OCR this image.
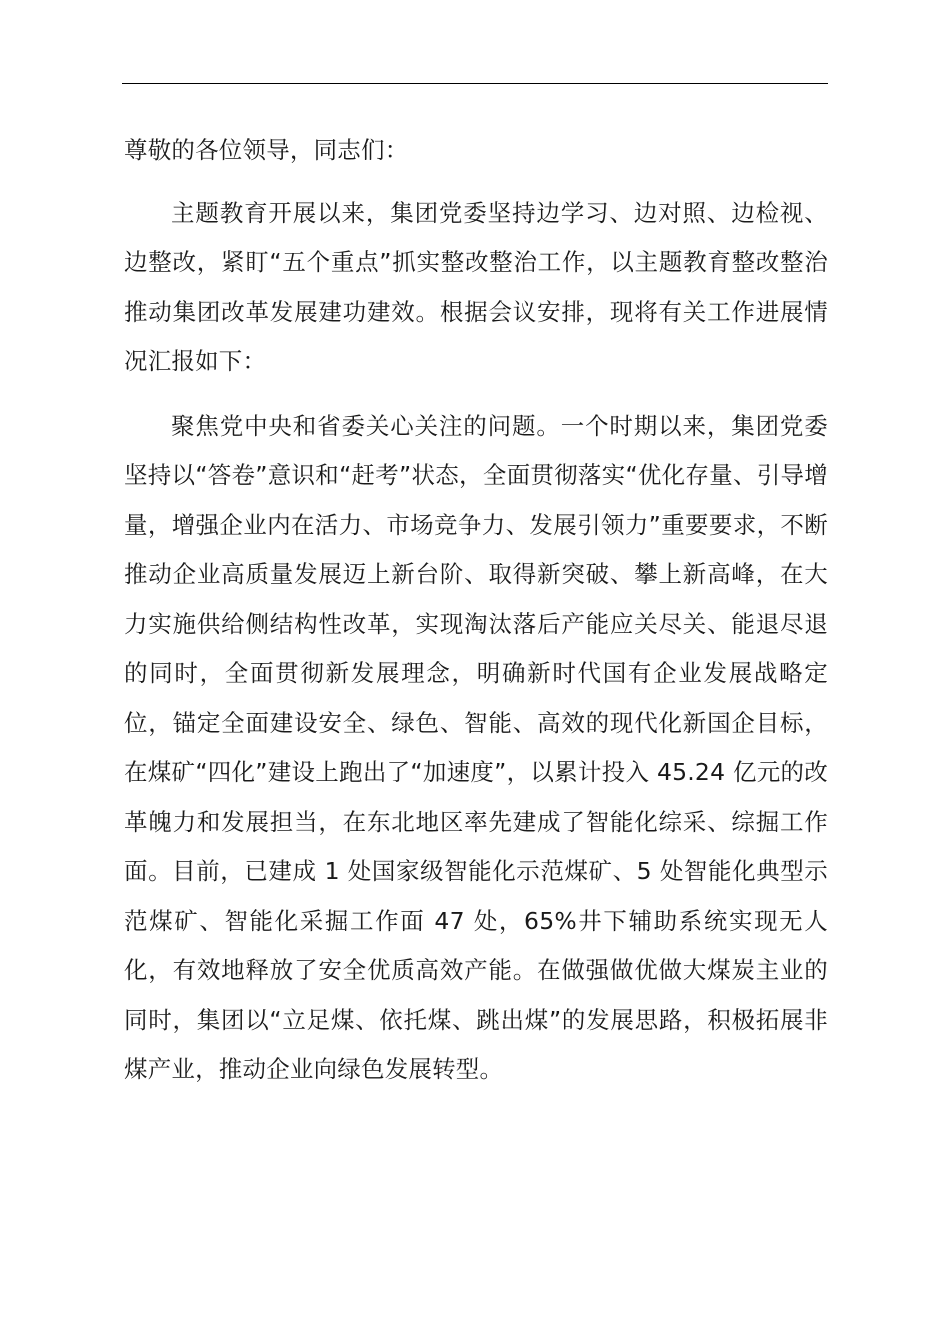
尊敬的各位领导，同志们：

主题教育开展以来，集团党委坚持边学习、边对照、边检视、边整改，紧盯“五个重点”抓实整改整治工作，以主题教育整改整治推动集团改革发展建功建效。根据会议安排，现将有关工作进展情况汇报如下：

聚焦党中央和省委关心关注的问题。一个时期以来，集团党委坚持以“答卷”意识和“赶考”状态，全面贯彻落实“优化存量、引导增量，增强企业内在活力、市场竞争力、发展引领力”重要要求，不断推动企业高质量发展迈上新台阶、取得新突破、攀上新高峰，在大力实施供给侧结构性改革，实现淘汰落后产能应关尽关、能退尽退的同时，全面贯彻新发展理念，明确新时代国有企业发展战略定位，锚定全面建设安全、绿色、智能、高效的现代化新国企目标，在煤矿“四化”建设上跑出了“加速度”，以累计投入 45.24 亿元的改革魄力和发展担当，在东北地区率先建成了智能化综采、综掘工作面。目前，已建成 1 处国家级智能化示范煤矿、5 处智能化典型示范煤矿、智能化采掘工作面 47 处，65%井下辅助系统实现无人化，有效地释放了安全优质高效产能。在做强做优做大煤炭主业的同时，集团以“立足煤、依托煤、跳出煤”的发展思路，积极拓展非煤产业，推动企业向绿色发展转型。
